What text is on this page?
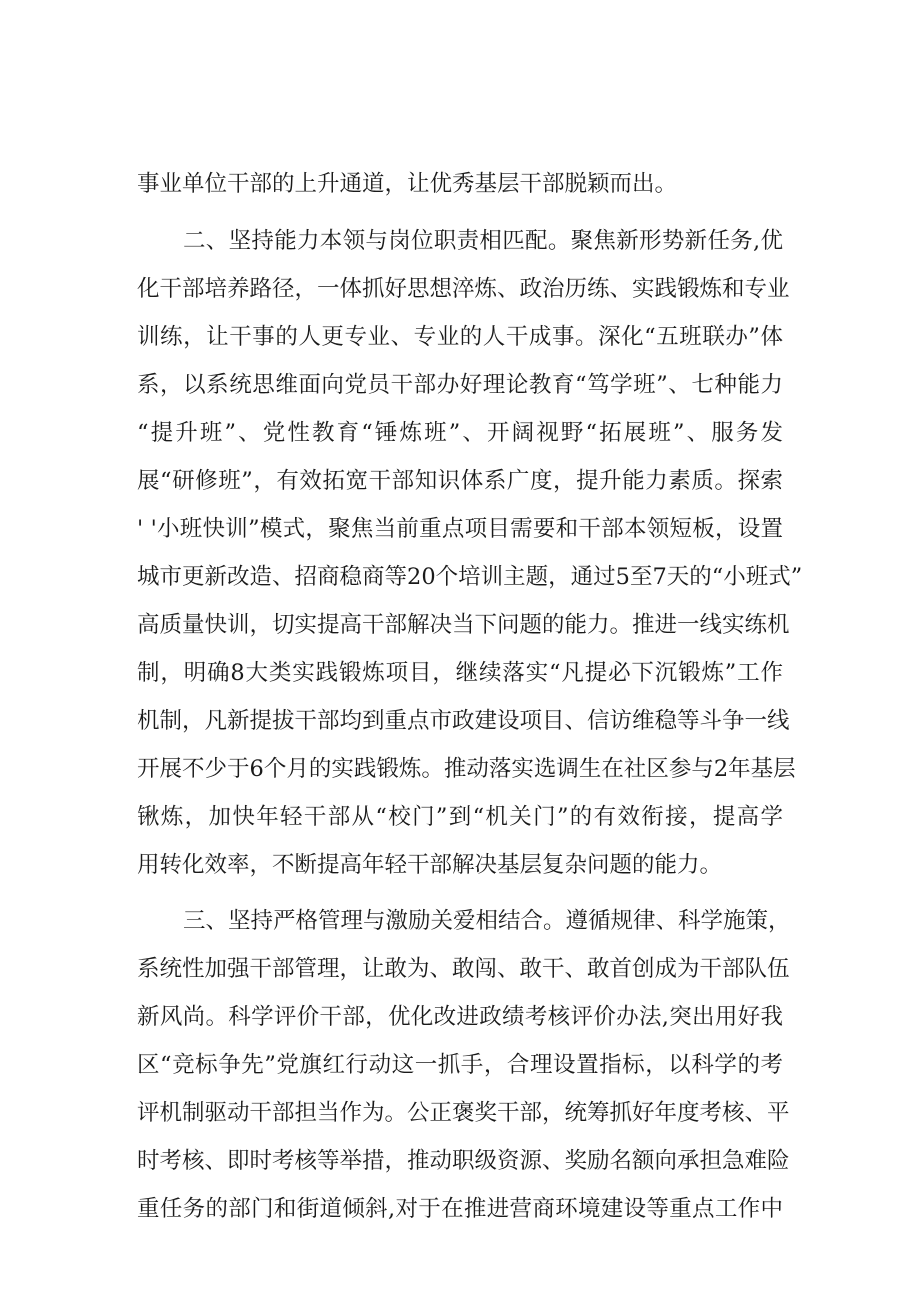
事业单位干部的上升通道，让优秀基层干部脱颖而出。
二、坚持能力本领与岗位职责相匹配。聚焦新形势新任务,优
化干部培养路径，一体抓好思想淬炼、政治历练、实践锻炼和专业
训练，让干事的人更专业、专业的人干成事。深化“五班联办”体
系，以系统思维面向党员干部办好理论教育“笃学班”、七种能力
“提升班”、党性教育“锤炼班”、开阔视野“拓展班”、服务发
展“研修班”，有效拓宽干部知识体系广度，提升能力素质。探索
' '小班快训”模式，聚焦当前重点项目需要和干部本领短板，设置
城市更新改造、招商稳商等20个培训主题，通过5至7天的“小班式”
高质量快训，切实提高干部解决当下问题的能力。推进一线实练机
制，明确8大类实践锻炼项目，继续落实“凡提必下沉锻炼”工作
机制，凡新提拔干部均到重点市政建设项目、信访维稳等斗争一线
开展不少于6个月的实践锻炼。推动落实选调生在社区参与2年基层
锹炼，加快年轻干部从“校门”到“机关门”的有效衔接，提高学
用转化效率，不断提高年轻干部解决基层复杂问题的能力。
三、坚持严格管理与激励关爱相结合。遵循规律、科学施策，
系统性加强干部管理，让敢为、敢闯、敢干、敢首创成为干部队伍
新风尚。科学评价干部，优化改进政绩考核评价办法,突出用好我
区“竞标争先”党旗红行动这一抓手，合理设置指标，以科学的考
评机制驱动干部担当作为。公正褒奖干部，统筹抓好年度考核、平
时考核、即时考核等举措，推动职级资源、奖励名额向承担急难险
重任务的部门和街道倾斜,对于在推进营商环境建设等重点工作中
